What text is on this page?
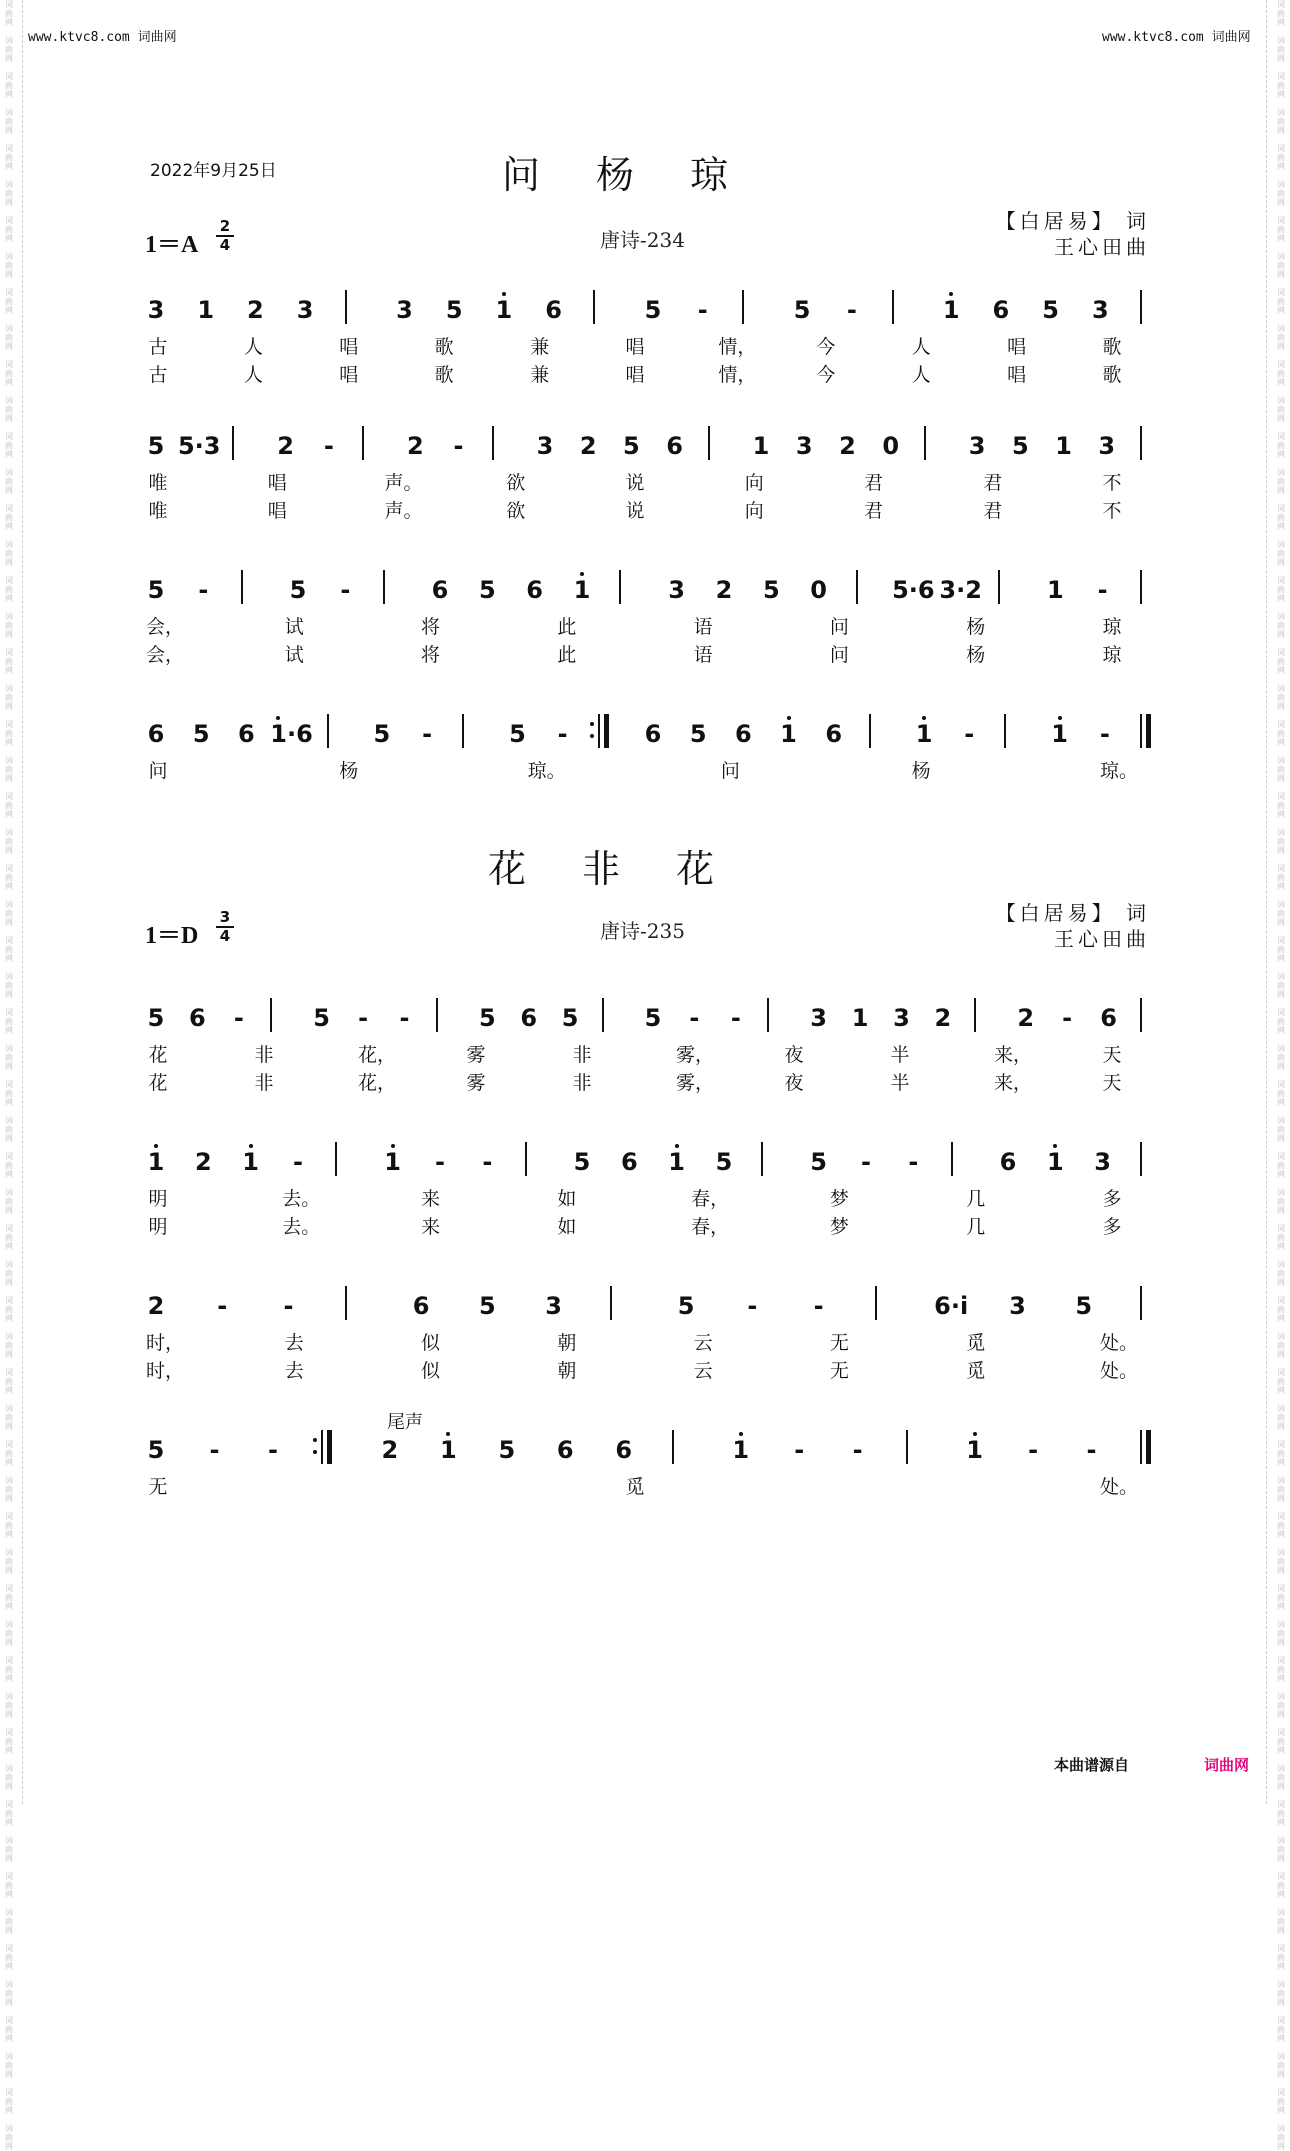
词
曲
网

词
曲
网

词
曲
网

词
曲
网

词
曲
网

词
曲
网

词
曲
网

词
曲
网

词
曲
网

词
曲
网

词
曲
网

词
曲
网

词
曲
网

词
曲
网

词
曲
网

词
曲
网

词
曲
网

词
曲
网

词
曲
网

词
曲
网

词
曲
网

词
曲
网

词
曲
网

词
曲
网

词
曲
网

词
曲
网

词
曲
网

词
曲
网

词
曲
网

词
曲
网

词
曲
网

词
曲
网

词
曲
网

词
曲
网

词
曲
网

词
曲
网

词
曲
网

词
曲
网

词
曲
网

词
曲
网

词
曲
网

词
曲
网

词
曲
网

词
曲
网

词
曲
网

词
曲
网

词
曲
网

词
曲
网

词
曲
网

词
曲
网

词
曲
网

词
曲
网

词
曲
网

词
曲
网

词
曲
网

词
曲
网

词
曲
网

词
曲
网

词
曲
网

词
曲
网

词
曲
网

词
曲
网

词
曲
网

词
曲
网

词
曲
网

词
曲
网

词
曲
网

词
曲
网

词
曲
网

词
曲
网

词
曲
网

词
曲
网

词
曲
网

词
曲
网

词
曲
网

词
曲
网

词
曲
网

词
曲
网

词
曲
网

词
曲
网

词
曲
网

词
曲
网

词
曲
网

词
曲
网

词
曲
网

词
曲
网

词
曲
网

词
曲
网

词
曲
网

词
曲
网

词
曲
网

词
曲
网

词
曲
网

词
曲
网

词
曲
网

词
曲
网

词
曲
网

词
曲
网

词
曲
网

词
曲
网

词
曲
网

词
曲
网

词
曲
网

词
曲
网

词
曲
网

词
曲
网

词
曲
网

词
曲
网

词
曲
网

词
曲
网

词
曲
网

词
曲
网

词
曲
网

词
曲
网

词
曲
网

词
曲
网

词
曲
网

词
曲
网

词
曲
网

词
曲
网

www.ktvc8.com 词曲网	www.ktvc8.com 词曲网
2022年9月25日	问杨琼
1＝A
2
4	唐诗-234
【白居易】 词
王心田曲
3 1 2 3	3 5 1 6	5 -	5 -	1 6 5 3
古	人	唱	歌	兼	唱	情，	今	人	唱	歌
古	人	唱	歌	兼	唱	情，	今	人	唱	歌
5 5·3 2 -	2 -	3 2 5 6	1 3 2 0	3 5 1 3
唯	唱	声。	欲	说	向	君	君	不
唯	唱	声。	欲	说	向	君	君	不
5 -	5 -	6 5 6 1	3 2 5 0	5·6 3·2	1 -
会，	试	将	此	语	问	杨	琼
会，	试	将	此	语	问	杨	琼
6 5 6 1·6	5 -	5 -	6 5 6 1 6	1 -	1 -
问	杨	琼。	问	杨	琼。
花非花
1＝D
3
4	唐诗-235
【白居易】 词
王心田曲
尾声
5 6 -	5 - -	5 6 5	5 - -	3 1 3 2	2 - 6
花	非	花，	雾	非	雾，	夜	半	来，	天
花	非	花，	雾	非	雾，	夜	半	来，	天
1 2 1 -	1 - -	5 6 1 5	5 - -	6 1 3
明	去。	来	如	春，	梦	几	多
明	去。	来	如	春，	梦	几	多
2 - -	6 5 3	5 - -	6·i 3 5
时，	去	似	朝	云	无	觅	处。
时，	去	似	朝	云	无	觅	处。
5 - -	2 1 5 6 6	1 - -	1 - -
无	觅	处。
本曲谱源自	词曲网
